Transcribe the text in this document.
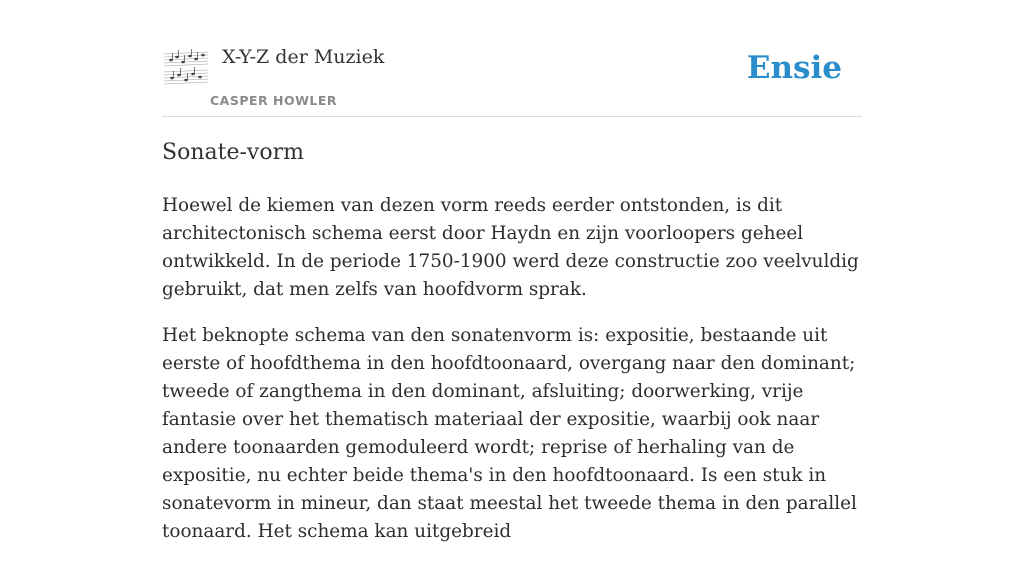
X-Y-Z der Muziek
CASPER HOWLER
Ensie
Sonate-vorm

Hoewel de kiemen van dezen vorm reeds eerder ontstonden, is dit architectonisch schema eerst door Haydn en zijn voorloopers geheel ontwikkeld. In de periode 1750-1900 werd deze constructie zoo veelvuldig gebruikt, dat men zelfs van hoofdvorm sprak.

Het beknopte schema van den sonatenvorm is: expositie, bestaande uit eerste of hoofdthema in den hoofdtoonaard, overgang naar den dominant; tweede of zangthema in den dominant, afsluiting; doorwerking, vrije fantasie over het thematisch materiaal der expositie, waarbij ook naar andere toonaarden gemoduleerd wordt; reprise of herhaling van de expositie, nu echter beide thema's in den hoofdtoonaard. Is een stuk in sonatevorm in mineur, dan staat meestal het tweede thema in den parallel toonaard. Het schema kan uitgebreid
